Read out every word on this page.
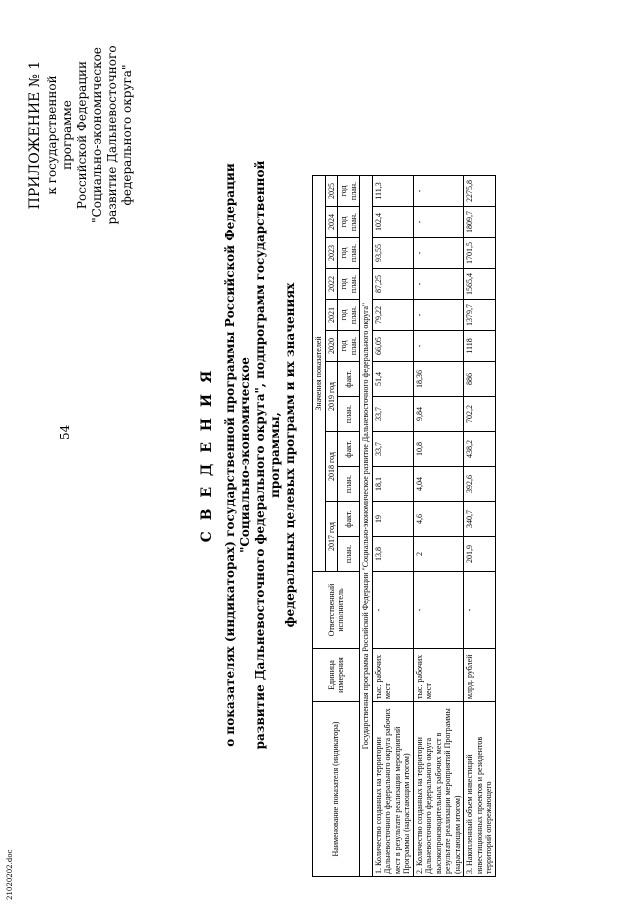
54
21020202.doc
ПРИЛОЖЕНИЕ № 1 к государственной программе Российской Федерации "Социально-экономическое развитие Дальневосточного федерального округа"
С В Е Д Е Н И Я о показателях (индикаторах) государственной программы Российской Федерации "Социально-экономическое развитие Дальневосточного федерального округа", подпрограмм государственной программы, федеральных целевых программ и их значениях
Наименование показателя (индикатора)	Единица измерения	Ответственный исполнитель	Значения показателей											
			2017 год		2018 год		2019 год		2020	2021	2022	2023	2024	2025
			план.	факт.	план.	факт.	план.	факт.	год план.	год план.	год план.	год план.	год план.	год план.
Государственная программа Российской Федерации "Социально-экономическое развитие Дальневосточного федерального округа"														
1. Количество созданных на территории Дальневосточного федерального округа рабочих мест в результате реализации мероприятий Программы (нарастающим итогом)	тыс. рабочих мест	-	13,8	19	18,1	33,7	33,7	51,4	66,05	79,22	87,25	93,55	102,4	111,3
2. Количество созданных на территории Дальневосточного федерального округа высокопроизводительных рабочих мест в результате реализации мероприятий Программы (нарастающим итогом)	тыс. рабочих мест	-	2	4,6	4,04	10,8	9,84	18,36	-	-	-	-	-	-
3. Накопленный объем инвестиций инвестиционных проектов и резидентов территорий опережающего	млрд. рублей	-	201,9	340,7	392,6	438,2	702,2	886	1118	1379,7	1565,4	1701,5	1809,7	2275,8
